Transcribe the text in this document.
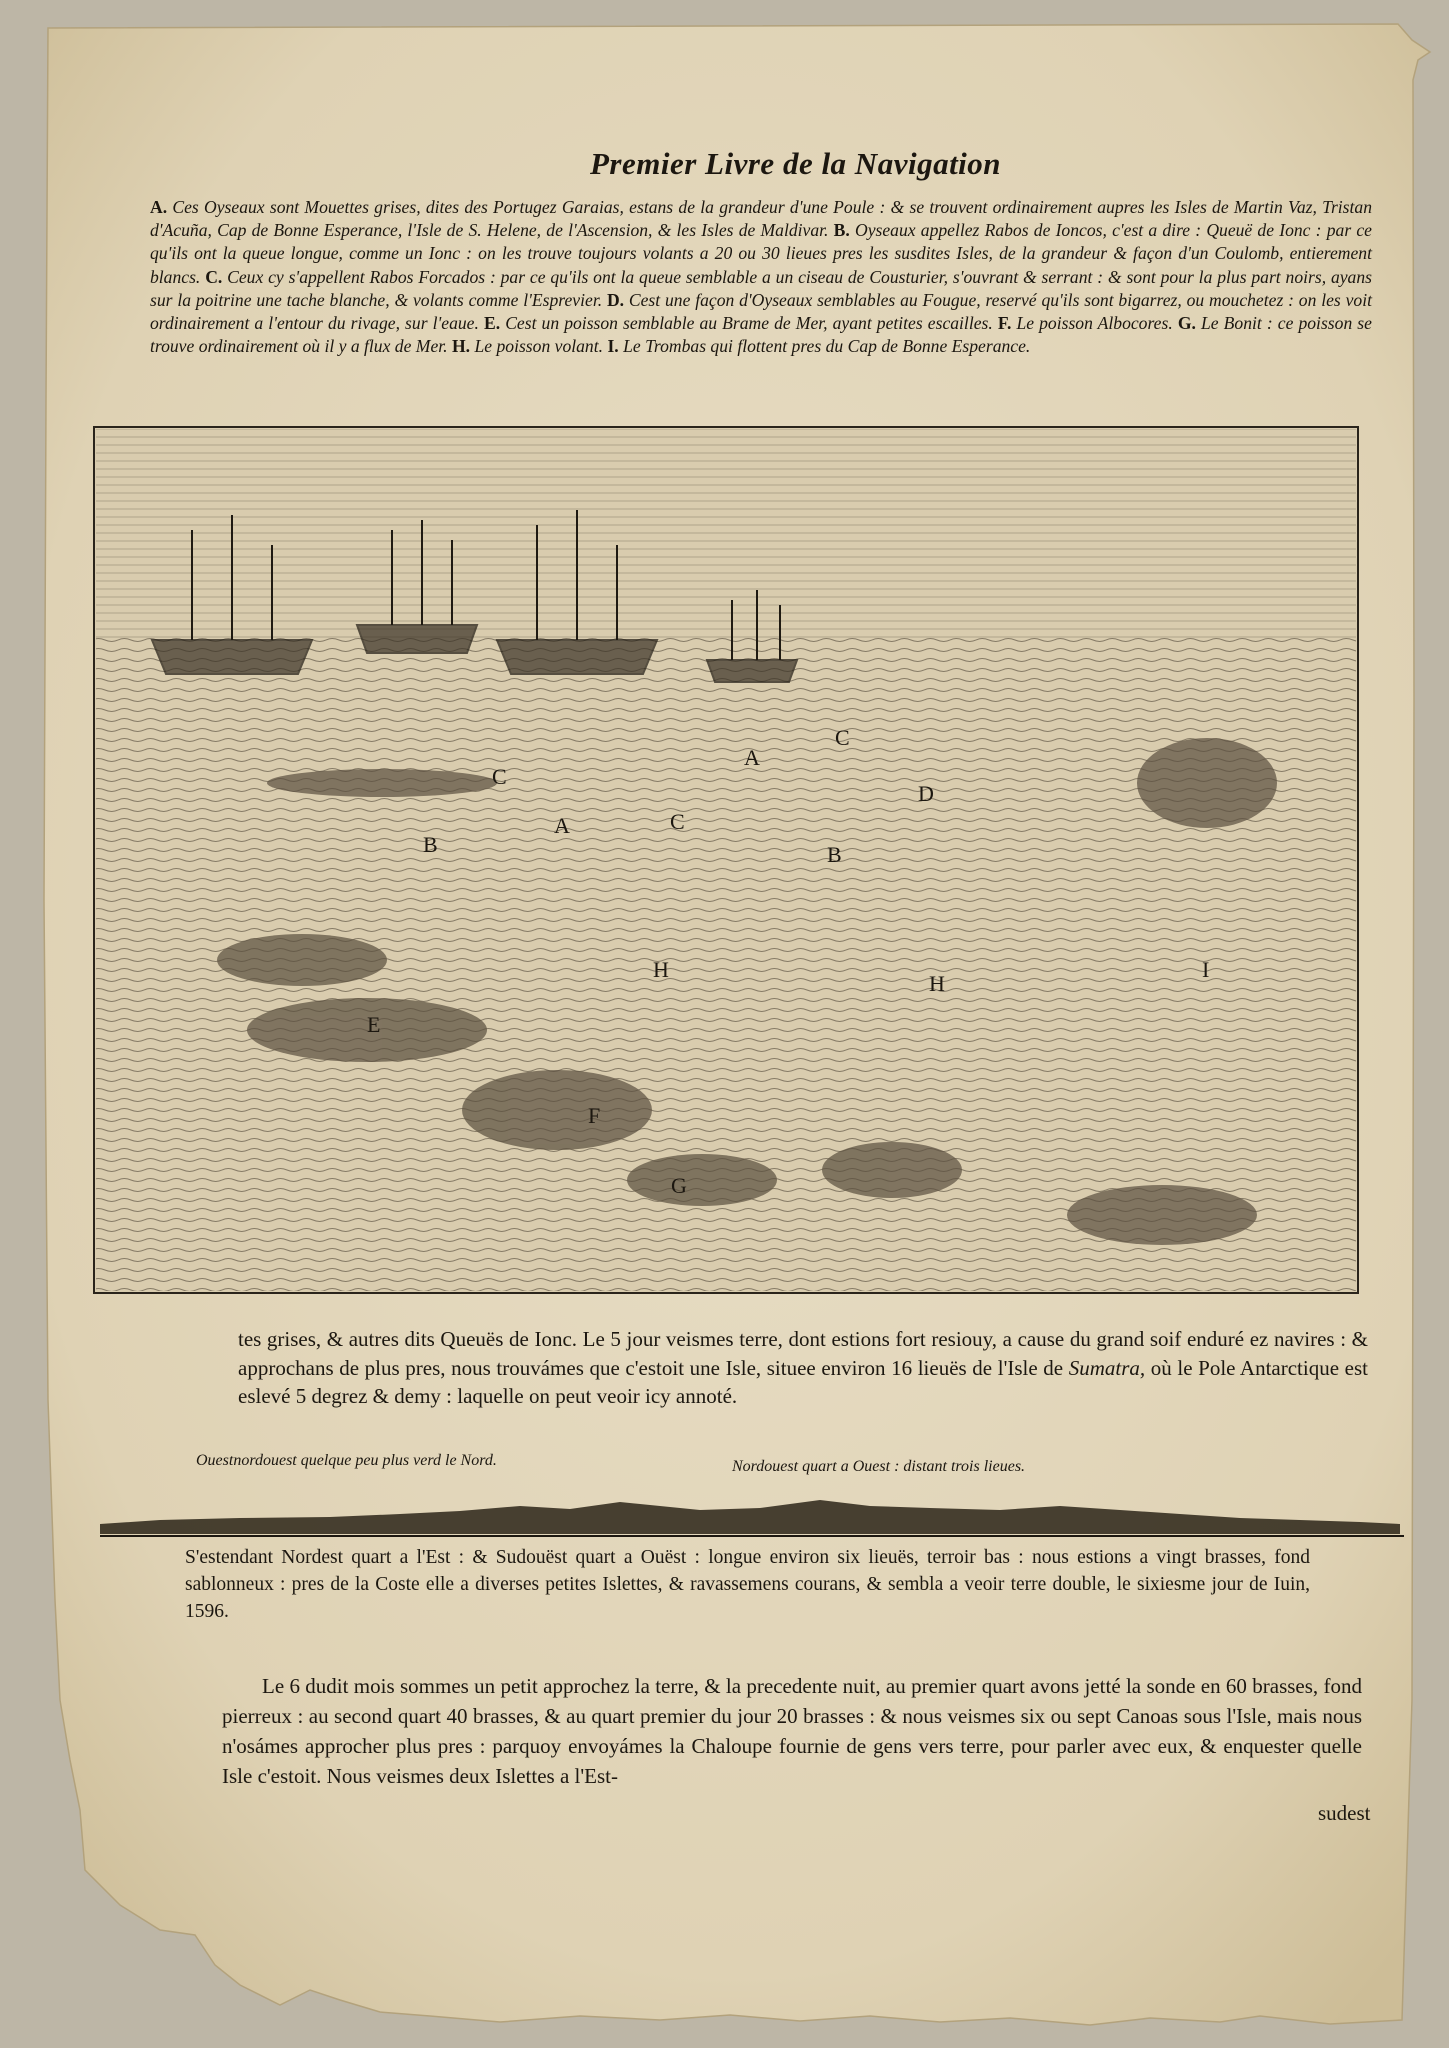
Premier Livre de la Navigation
A. Ces Oyseaux sont Mouettes grises, dites des Portugez Garaias, estans de la grandeur d'une Poule : & se trouvent ordinairement aupres les Isles de Martin Vaz, Tristan d'Acuña, Cap de Bonne Esperance, l'Isle de S. Helene, de l'Ascension, & les Isles de Maldivar. B. Oyseaux appellez Rabos de Ioncos, c'est a dire : Queuë de Ionc : par ce qu'ils ont la queue longue, comme un Ionc : on les trouve toujours volants a 20 ou 30 lieues pres les susdites Isles, de la grandeur & façon d'un Coulomb, entierement blancs. C. Ceux cy s'appellent Rabos Forcados : par ce qu'ils ont la queue semblable a un ciseau de Cousturier, s'ouvrant & serrant : & sont pour la plus part noirs, ayans sur la poitrine une tache blanche, & volants comme l'Esprevier. D. Cest une façon d'Oyseaux semblables au Fougue, reservé qu'ils sont bigarrez, ou mouchetez : on les voit ordinairement a l'entour du rivage, sur l'eaue. E. Cest un poisson semblable au Brame de Mer, ayant petites escailles. F. Le poisson Albocores. G. Le Bonit : ce poisson se trouve ordinairement où il y a flux de Mer. H. Le poisson volant. I. Le Trombas qui flottent pres du Cap de Bonne Esperance.
A
A
B	B
C
C
C
D
E
F
G
H
H
I

tes grises, & autres dits Queuës de Ionc. Le 5 jour veismes terre, dont estions fort resiouy, a cause du grand soif enduré ez navires : & approchans de plus pres, nous trouvámes que c'estoit une Isle, situee environ 16 lieuës de l'Isle de Sumatra, où le Pole Antarctique est eslevé 5 degrez & demy : laquelle on peut veoir icy annoté.

Ouestnordouest quelque peu plus verd le Nord.	Nordouest quart a Ouest : distant trois lieues.

S'estendant Nordest quart a l'Est : & Sudouëst quart a Ouëst : longue environ six lieuës, terroir bas : nous estions a vingt brasses, fond sablonneux : pres de la Coste elle a diverses petites Islettes, & ravassemens courans, & sembla a veoir terre double, le sixiesme jour de Iuin, 1596.

Le 6 dudit mois sommes un petit approchez la terre, & la precedente nuit, au premier quart avons jetté la sonde en 60 brasses, fond pierreux : au second quart 40 brasses, & au quart premier du jour 20 brasses : & nous veismes six ou sept Canoas sous l'Isle, mais nous n'osámes approcher plus pres : parquoy envoyámes la Chaloupe fournie de gens vers terre, pour parler avec eux, & enquester quelle Isle c'estoit. Nous veismes deux Islettes a l'Est-

sudest
